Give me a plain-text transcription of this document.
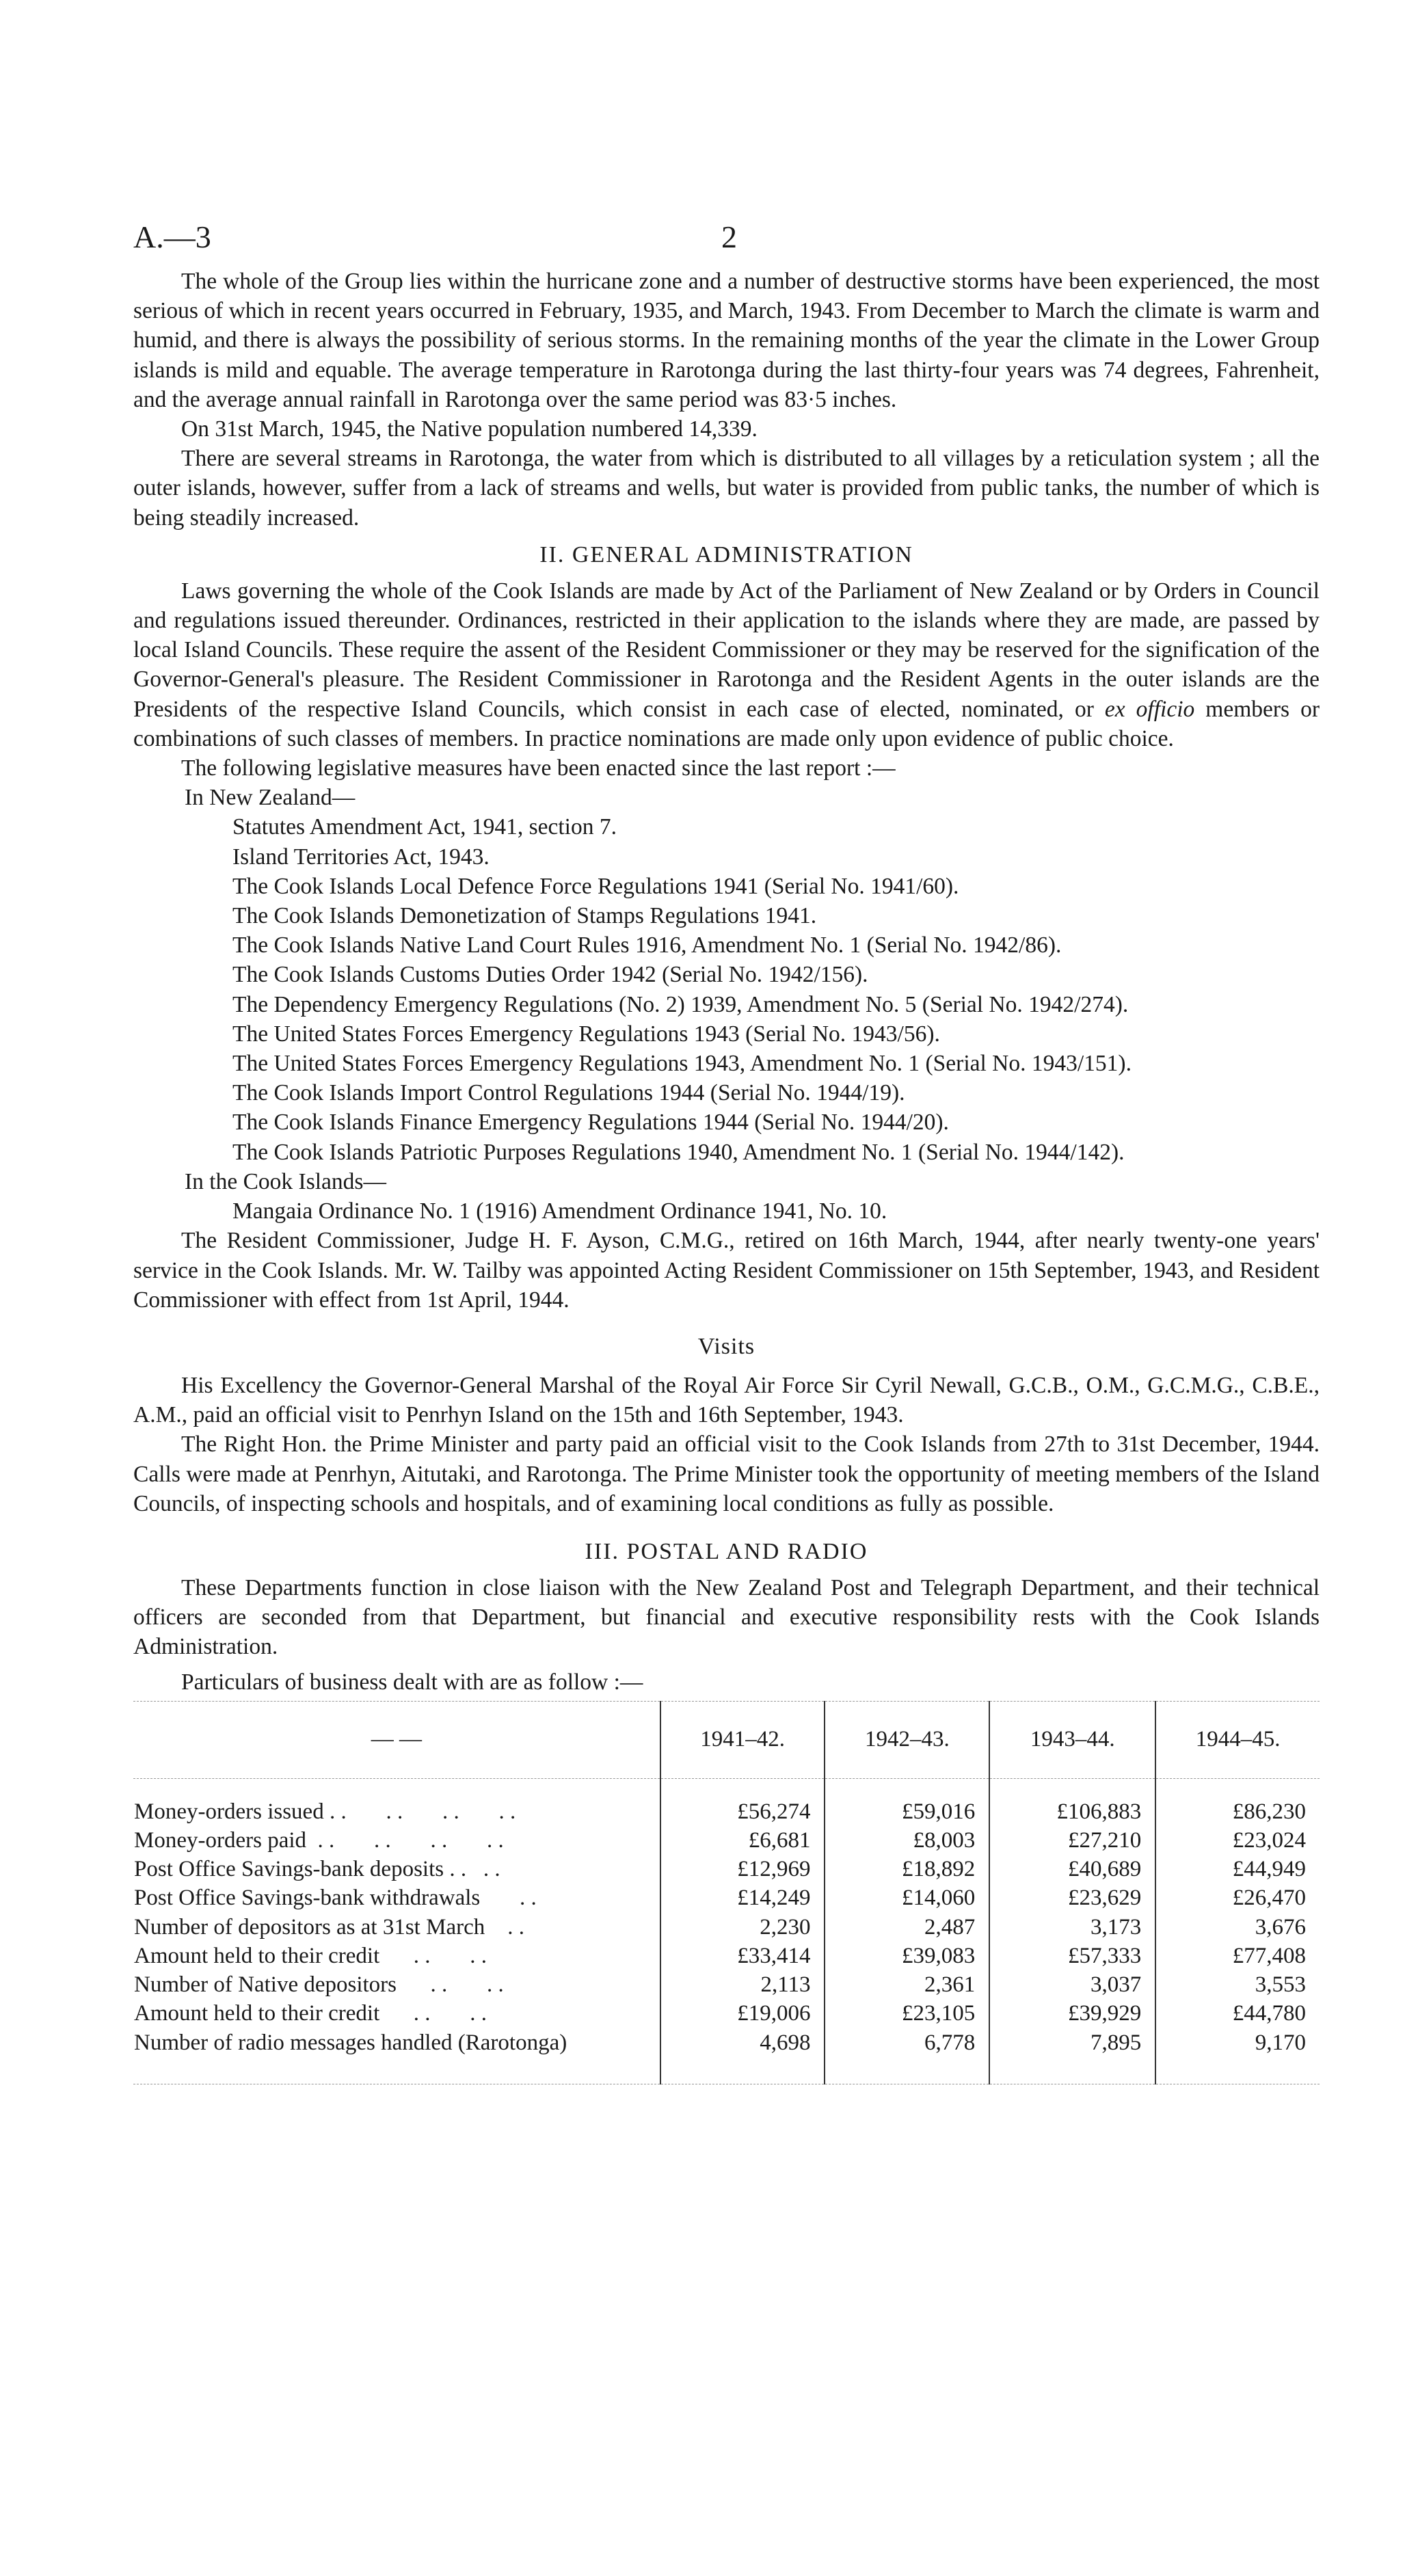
A.—3	2

The whole of the Group lies within the hurricane zone and a number of destructive storms have been experienced, the most serious of which in recent years occurred in February, 1935, and March, 1943. From December to March the climate is warm and humid, and there is always the possibility of serious storms. In the remaining months of the year the climate in the Lower Group islands is mild and equable. The average temperature in Rarotonga during the last thirty-four years was 74 degrees, Fahrenheit, and the average annual rainfall in Rarotonga over the same period was 83·5 inches.

On 31st March, 1945, the Native population numbered 14,339.

There are several streams in Rarotonga, the water from which is distributed to all villages by a reticulation system ; all the outer islands, however, suffer from a lack of streams and wells, but water is provided from public tanks, the number of which is being steadily increased.

II. GENERAL ADMINISTRATION

Laws governing the whole of the Cook Islands are made by Act of the Parliament of New Zealand or by Orders in Council and regulations issued thereunder. Ordinances, restricted in their application to the islands where they are made, are passed by local Island Councils. These require the assent of the Resident Commissioner or they may be reserved for the signification of the Governor-General's pleasure. The Resident Commissioner in Rarotonga and the Resident Agents in the outer islands are the Presidents of the respective Island Councils, which consist in each case of elected, nominated, or ex officio members or combinations of such classes of members. In practice nominations are made only upon evidence of public choice.

The following legislative measures have been enacted since the last report :—

In New Zealand—
Statutes Amendment Act, 1941, section 7.
Island Territories Act, 1943.
The Cook Islands Local Defence Force Regulations 1941 (Serial No. 1941/60).
The Cook Islands Demonetization of Stamps Regulations 1941.
The Cook Islands Native Land Court Rules 1916, Amendment No. 1 (Serial No. 1942/86).
The Cook Islands Customs Duties Order 1942 (Serial No. 1942/156).
The Dependency Emergency Regulations (No. 2) 1939, Amendment No. 5 (Serial No. 1942/274).
The United States Forces Emergency Regulations 1943 (Serial No. 1943/56).
The United States Forces Emergency Regulations 1943, Amendment No. 1 (Serial No. 1943/151).
The Cook Islands Import Control Regulations 1944 (Serial No. 1944/19).
The Cook Islands Finance Emergency Regulations 1944 (Serial No. 1944/20).
The Cook Islands Patriotic Purposes Regulations 1940, Amendment No. 1 (Serial No. 1944/142).
In the Cook Islands—
Mangaia Ordinance No. 1 (1916) Amendment Ordinance 1941, No. 10.

The Resident Commissioner, Judge H. F. Ayson, C.M.G., retired on 16th March, 1944, after nearly twenty-one years' service in the Cook Islands. Mr. W. Tailby was appointed Acting Resident Commissioner on 15th September, 1943, and Resident Commissioner with effect from 1st April, 1944.

Visits

His Excellency the Governor-General Marshal of the Royal Air Force Sir Cyril Newall, G.C.B., O.M., G.C.M.G., C.B.E., A.M., paid an official visit to Penrhyn Island on the 15th and 16th September, 1943.

The Right Hon. the Prime Minister and party paid an official visit to the Cook Islands from 27th to 31st December, 1944. Calls were made at Penrhyn, Aitutaki, and Rarotonga. The Prime Minister took the opportunity of meeting members of the Island Councils, of inspecting schools and hospitals, and of examining local conditions as fully as possible.

III. POSTAL AND RADIO

These Departments function in close liaison with the New Zealand Post and Telegraph Department, and their technical officers are seconded from that Department, but financial and executive responsibility rests with the Cook Islands Administration.

Particulars of business dealt with are as follow :—

— —	1941–42.	1942–43.	1943–44.	1944–45.
Money-orders issued . .       . .       . .       . .	£56,274	£59,016	£106,883	£86,230
Money-orders paid  . .       . .       . .       . .	£6,681	£8,003	£27,210	£23,024
Post Office Savings-bank deposits . .   . .	£12,969	£18,892	£40,689	£44,949
Post Office Savings-bank withdrawals       . .	£14,249	£14,060	£23,629	£26,470
Number of depositors as at 31st March    . .	2,230	2,487	3,173	3,676
Amount held to their credit      . .       . .	£33,414	£39,083	£57,333	£77,408
Number of Native depositors      . .       . .	2,113	2,361	3,037	3,553
Amount held to their credit      . .       . .	£19,006	£23,105	£39,929	£44,780
Number of radio messages handled (Rarotonga)	4,698	6,778	7,895	9,170
